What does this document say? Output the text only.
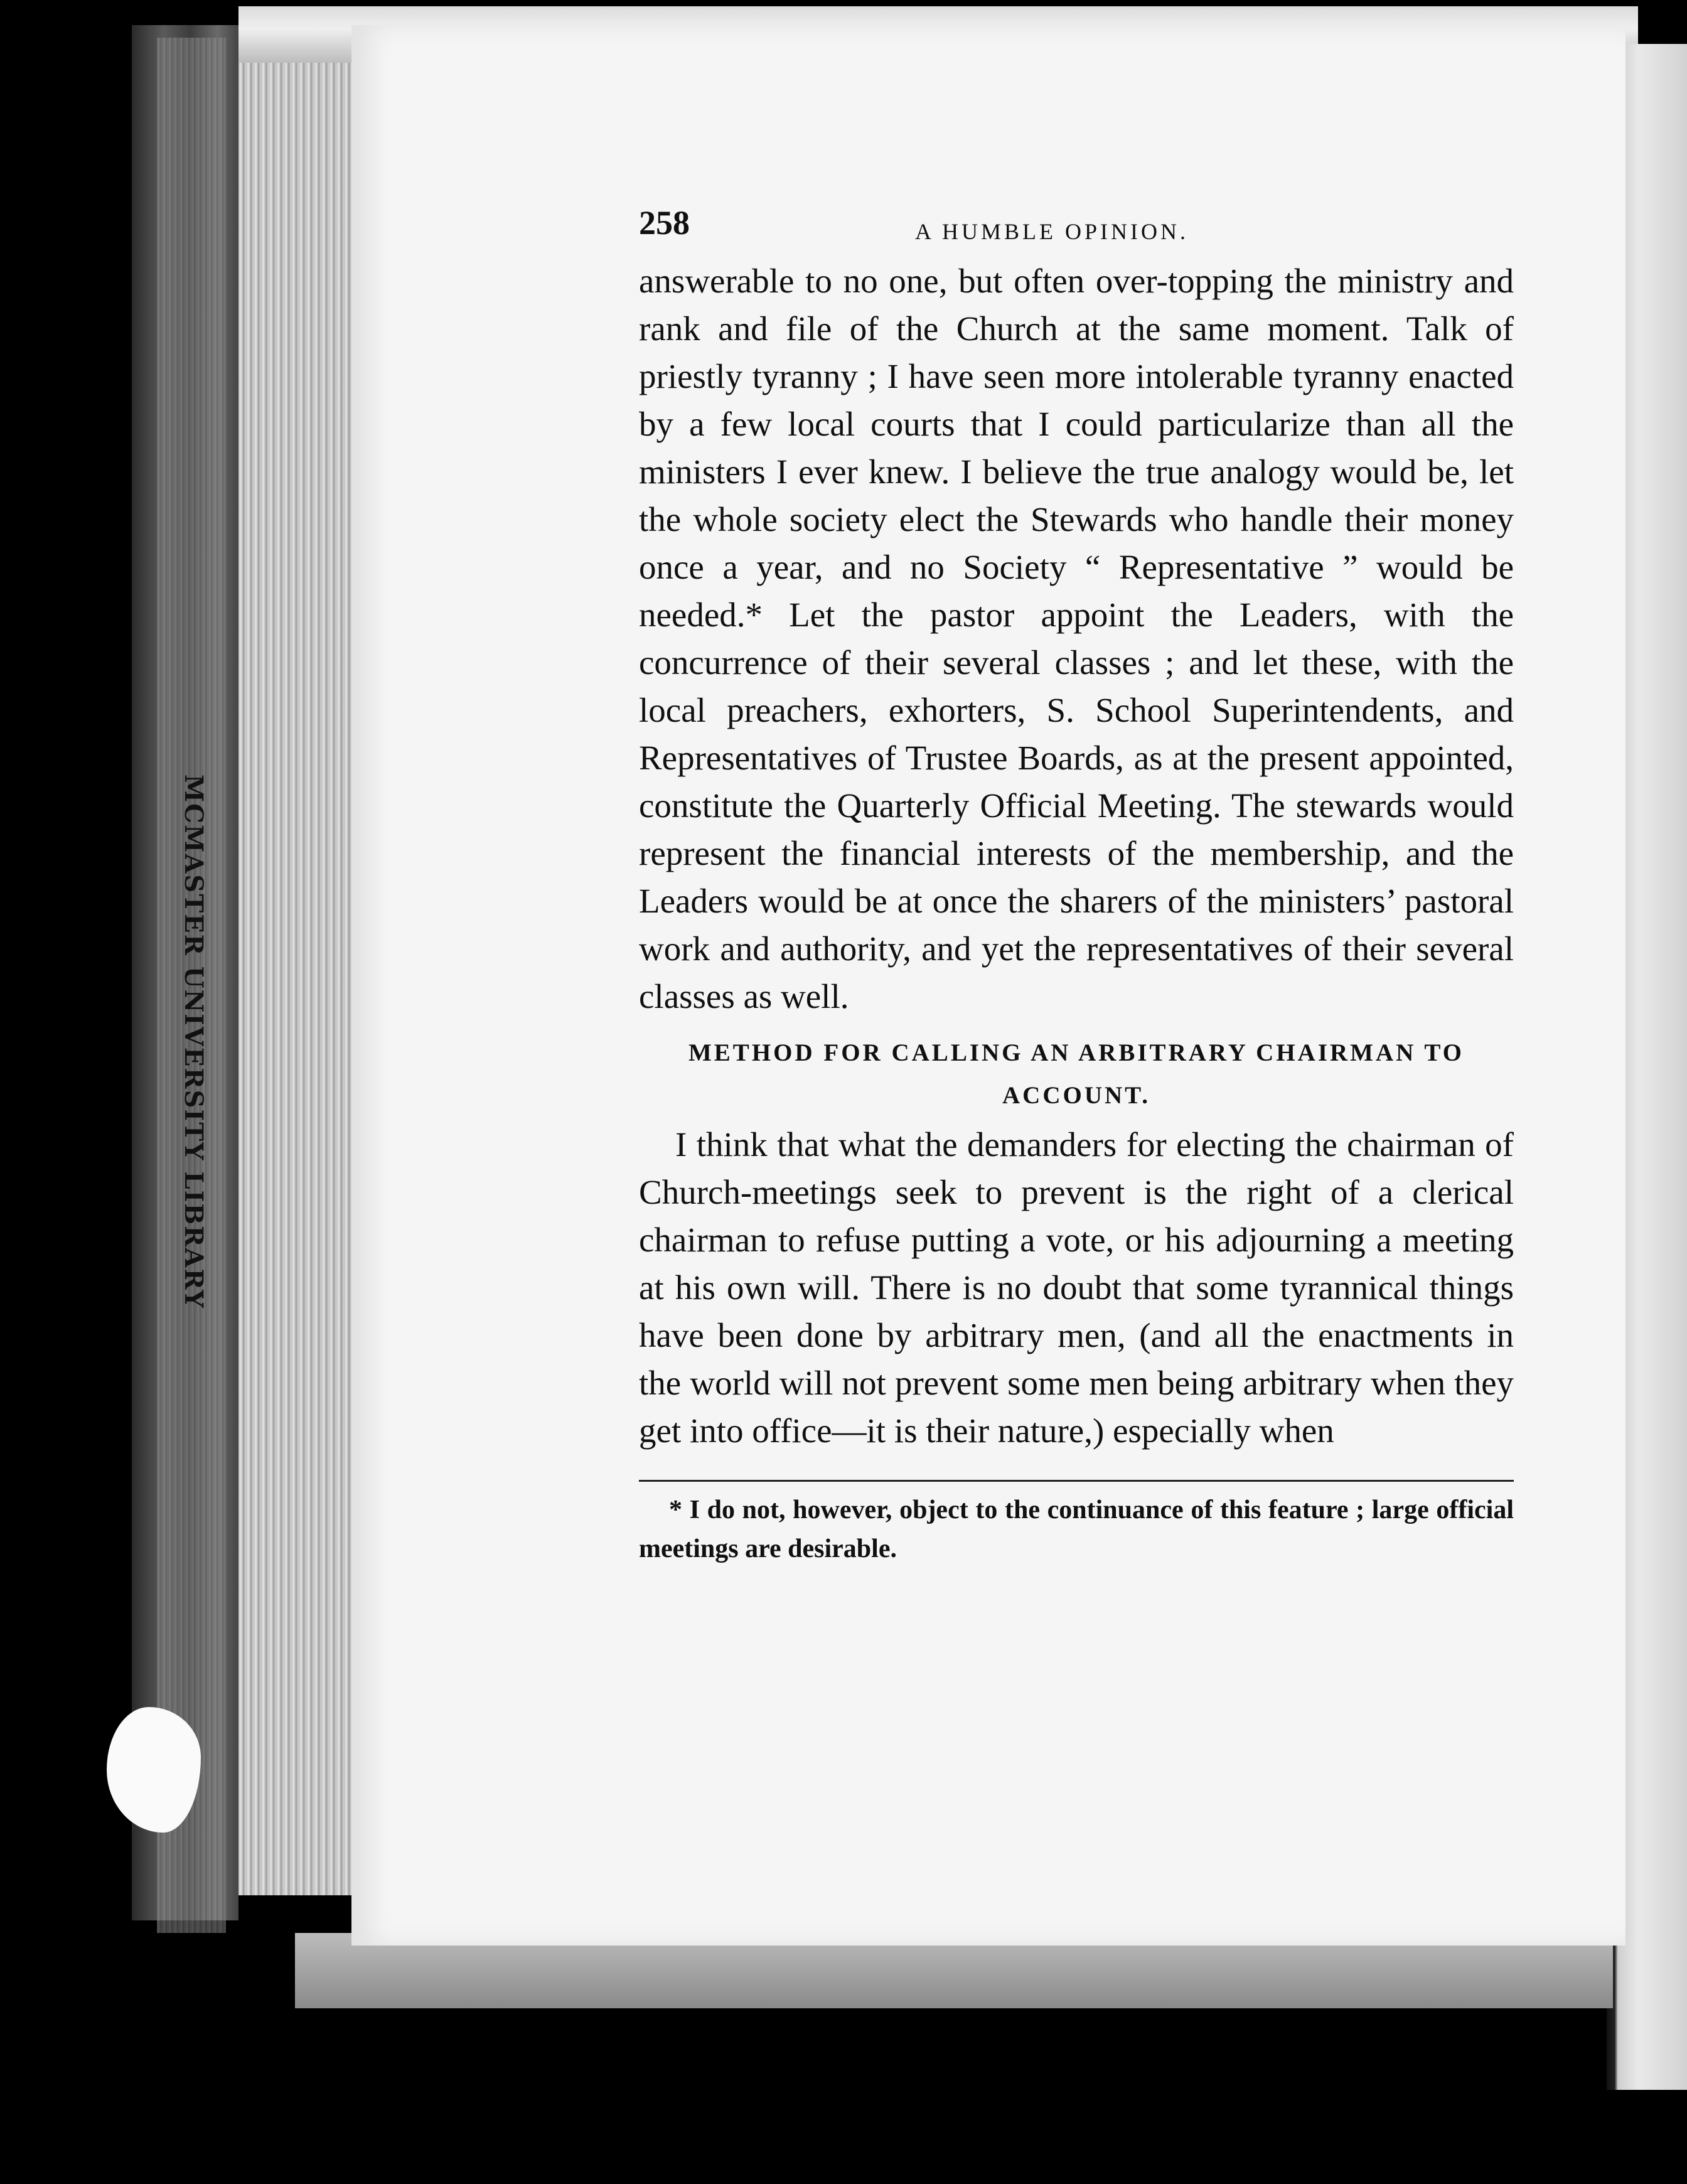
MCMASTER UNIVERSITY LIBRARY
258	A HUMBLE OPINION.

answerable to no one, but often over-topping the ministry and rank and file of the Church at the same moment. Talk of priestly tyranny ; I have seen more intolerable tyranny enacted by a few local courts that I could particularize than all the ministers I ever knew. I believe the true analogy would be, let the whole society elect the Stewards who handle their money once a year, and no Society “ Representative ” would be needed.* Let the pastor appoint the Leaders, with the concurrence of their several classes ; and let these, with the local preachers, exhorters, S. School Superintendents, and Representatives of Trustee Boards, as at the present appointed, constitute the Quarterly Official Meeting. The stewards would represent the financial interests of the membership, and the Leaders would be at once the sharers of the ministers’ pastoral work and authority, and yet the representatives of their several classes as well.

METHOD FOR CALLING AN ARBITRARY CHAIRMAN TO ACCOUNT.

I think that what the demanders for electing the chairman of Church-meetings seek to prevent is the right of a clerical chairman to refuse putting a vote, or his adjourning a meeting at his own will. There is no doubt that some tyrannical things have been done by arbitrary men, (and all the enactments in the world will not prevent some men being arbitrary when they get into office—it is their nature,) especially when

* I do not, however, object to the continuance of this feature ; large official meetings are desirable.
